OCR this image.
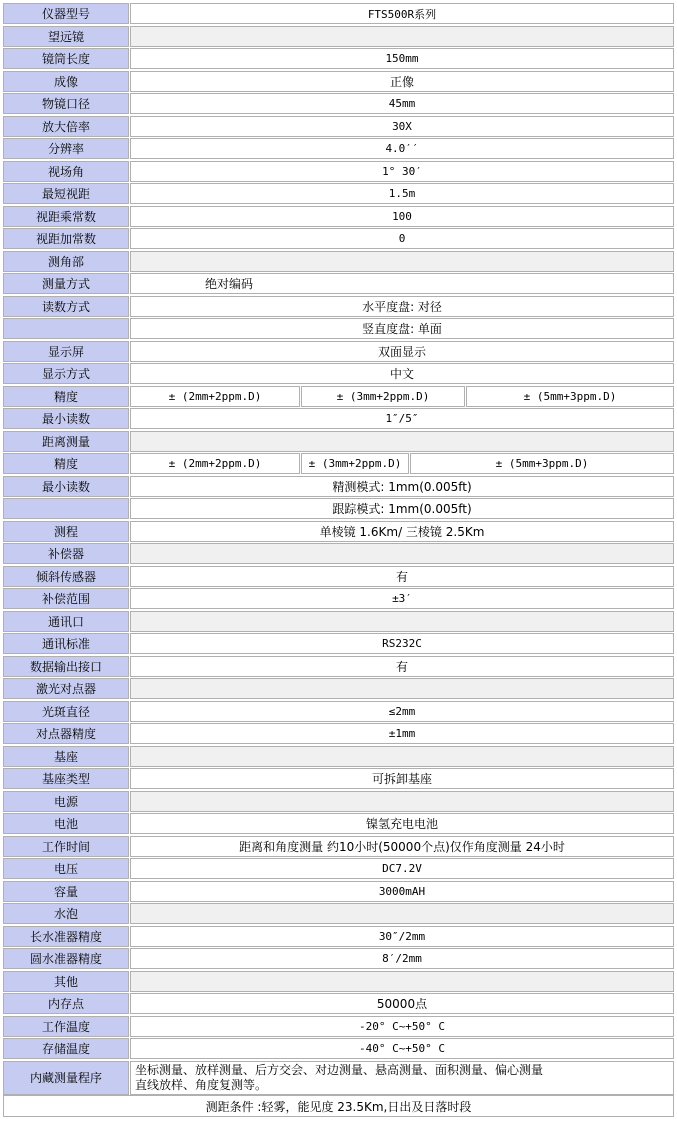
仪器型号	FTS500R系列
望远镜
镜筒长度	150mm
成像	正像
物镜口径	45mm
放大倍率	30X
分辨率	4.0′′
视场角	1° 30′
最短视距	1.5m
视距乘常数	100
视距加常数	0
测角部
测量方式	绝对编码
读数方式	水平度盘: 对径
竖直度盘: 单面
显示屏	双面显示
显示方式	中文
精度	± (2mm+2ppm.D)	± (3mm+2ppm.D)	± (5mm+3ppm.D)
最小读数	1″/5″
距离测量
精度	± (2mm+2ppm.D)	± (3mm+2ppm.D)	± (5mm+3ppm.D)
最小读数	精测模式: 1mm(0.005ft)
跟踪模式: 1mm(0.005ft)
测程	单棱镜 1.6Km/ 三棱镜 2.5Km
补偿器
倾斜传感器	有
补偿范围	±3′
通讯口
通讯标准	RS232C
数据输出接口	有
激光对点器
光斑直径	≤2mm
对点器精度	±1mm
基座
基座类型	可拆卸基座
电源
电池	镍氢充电电池
工作时间	距离和角度测量 约10小时(50000个点)仅作角度测量 24小时
电压	DC7.2V
容量	3000mAH
水泡
长水准器精度	30″/2mm
圆水准器精度	8′/2mm
其他
内存点	50000点
工作温度	-20° C~+50° C
存储温度	-40° C~+50° C
内藏测量程序
坐标测量、放样测量、后方交会、对边测量、悬高测量、面积测量、偏心测量
直线放样、角度复测等。
测距条件 :轻雾，能见度 23.5Km,日出及日落时段
